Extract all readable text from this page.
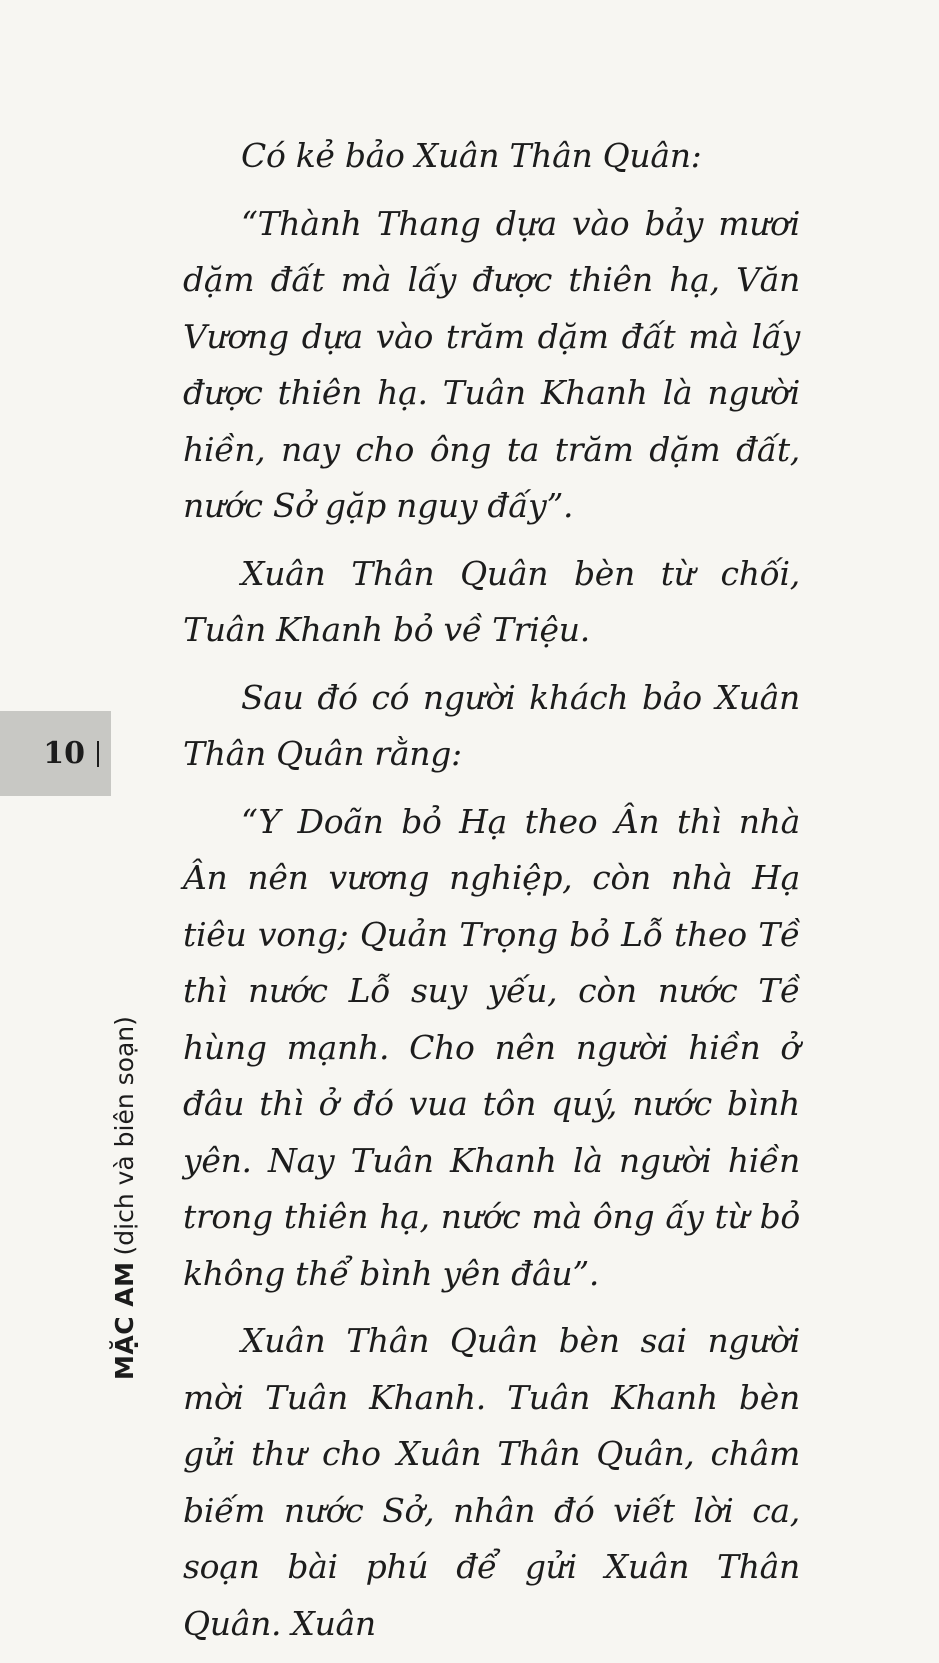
Có kẻ bảo Xuân Thân Quân:

“Thành Thang dựa vào bảy mươi dặm đất mà lấy được thiên hạ, Văn Vương dựa vào trăm dặm đất mà lấy được thiên hạ. Tuân Khanh là người hiền, nay cho ông ta trăm dặm đất, nước Sở gặp nguy đấy”.

Xuân Thân Quân bèn từ chối, Tuân Khanh bỏ về Triệu.

Sau đó có người khách bảo Xuân Thân Quân rằng:

“Y Doãn bỏ Hạ theo Ân thì nhà Ân nên vương nghiệp, còn nhà Hạ tiêu vong; Quản Trọng bỏ Lỗ theo Tề thì nước Lỗ suy yếu, còn nước Tề hùng mạnh. Cho nên người hiền ở đâu thì ở đó vua tôn quý, nước bình yên. Nay Tuân Khanh là người hiền trong thiên hạ, nước mà ông ấy từ bỏ không thể bình yên đâu”.

Xuân Thân Quân bèn sai người mời Tuân Khanh. Tuân Khanh bèn gửi thư cho Xuân Thân Quân, châm biếm nước Sở, nhân đó viết lời ca, soạn bài phú để gửi Xuân Thân Quân. Xuân

10
MẶC AM(dịch và biên soạn)
